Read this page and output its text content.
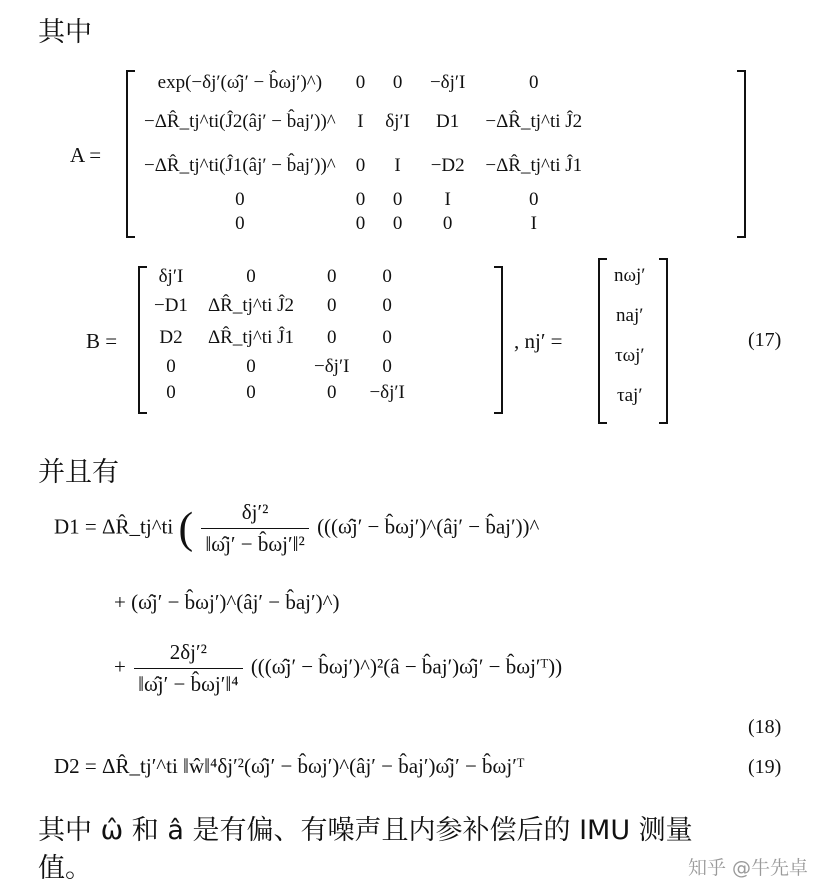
其中
A =
exp(−δj′(ω̂j′ − b̂ωj′)^)	0	0	−δj′I	0
−ΔR̂_tj^ti(Ĵ2(âj′ − b̂aj′))^	I	δj′I	D1	−ΔR̂_tj^ti Ĵ2
−ΔR̂_tj^ti(Ĵ1(âj′ − b̂aj′))^	0	I	−D2	−ΔR̂_tj^ti Ĵ1
0	0	0	I	0
0	0	0	0	I
B =
δj′I	0	0	0
−D1	ΔR̂_tj^ti Ĵ2	0	0
D2	ΔR̂_tj^ti Ĵ1	0	0
0	0	−δj′I	0
0	0	0	−δj′I
, nj′ =
nωj′
naj′
τωj′
τaj′
(17)
并且有
D1 = ΔR̂_tj^ti ( $\frac{\text{δj′²}}{\text{‖ω̂j′ − b̂ωj′‖²}}$ (((ω̂j′ − b̂ωj′)^(âj′ − b̂aj′))^
+ (ω̂j′ − b̂ωj′)^(âj′ − b̂aj′)^)
+ $\frac{\text{2δj′²}}{\text{‖ω̂j′ − b̂ωj′‖⁴}}$ (((ω̂j′ − b̂ωj′)^)²(â − b̂aj′)ω̂j′ − b̂ωj′ᵀ))
(18)
D2 = ΔR̂_tj′^ti ‖ŵ‖⁴δj′²(ω̂j′ − b̂ωj′)^(âj′ − b̂aj′)ω̂j′ − b̂ωj′ᵀ	(19)
其中 ω̂ 和 â 是有偏、有噪声且内参补偿后的 IMU 测量
值。	知乎 @牛先卓
